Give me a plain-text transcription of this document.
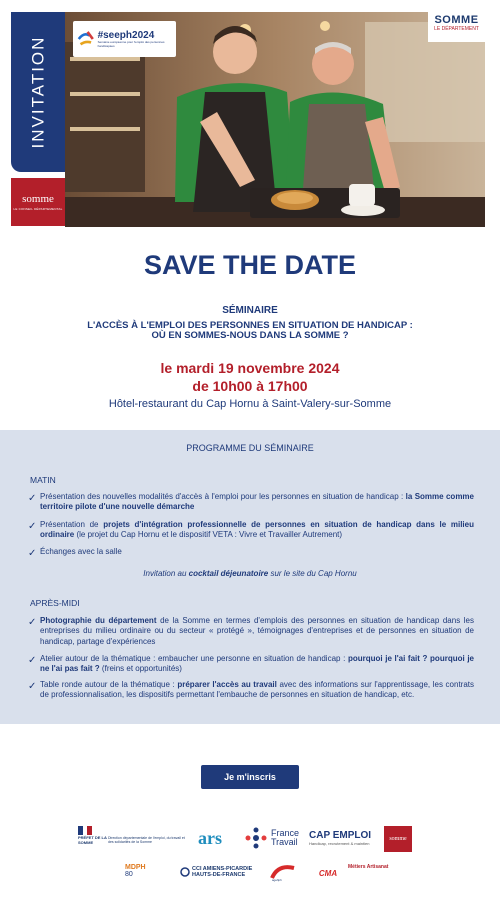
INVITATION
somme
LE CONSEIL DÉPARTEMENTAL
#seeph2024
Semaine européenne pour l'emploi des personnes handicapées
SOMME
LE DÉPARTEMENT
SAVE THE DATE
SÉMINAIRE
L'ACCÈS À L'EMPLOI DES PERSONNES EN SITUATION DE HANDICAP :
OÙ EN SOMMES-NOUS DANS LA SOMME ?
le mardi 19 novembre 2024
de 10h00 à 17h00
Hôtel-restaurant du Cap Hornu à Saint-Valery-sur-Somme
PROGRAMME DU SÉMINAIRE
MATIN
✓ Présentation des nouvelles modalités d'accès à l'emploi pour les personnes en situation de handicap : la Somme comme territoire pilote d'une nouvelle démarche
✓ Présentation de projets d'intégration professionnelle de personnes en situation de handicap dans le milieu ordinaire (le projet du Cap Hornu et le dispositif VETA : Vivre et Travailler Autrement)
✓ Échanges avec la salle
Invitation au cocktail déjeunatoire sur le site du Cap Hornu
APRÈS-MIDI
✓ Photographie du département de la Somme en termes d'emplois des personnes en situation de handicap dans les entreprises du milieu ordinaire ou du secteur « protégé », témoignages d'entreprises et de personnes en situation de handicap, partage d'expériences
✓ Atelier autour de la thématique : embaucher une personne en situation de handicap : pourquoi je l'ai fait ? pourquoi je ne l'ai pas fait ? (freins et opportunités)
✓ Table ronde autour de la thématique : préparer l'accès au travail avec des informations sur l'apprentissage, les contrats de professionnalisation, les dispositifs permettant l'embauche de personnes en situation de handicap, etc.
Je m'inscris
PRÉFET DE LA SOMME
Direction départementale de l'emploi, du travail et des solidarités de la Somme	ars	France
Travail
CAP EMPLOI
Handicap, recrutement & maintien
somme
MDPH
80
CCI AMIENS-PICARDIE
HAUTS-DE-FRANCE
agefiph
CMA
Métiers Artisanat
